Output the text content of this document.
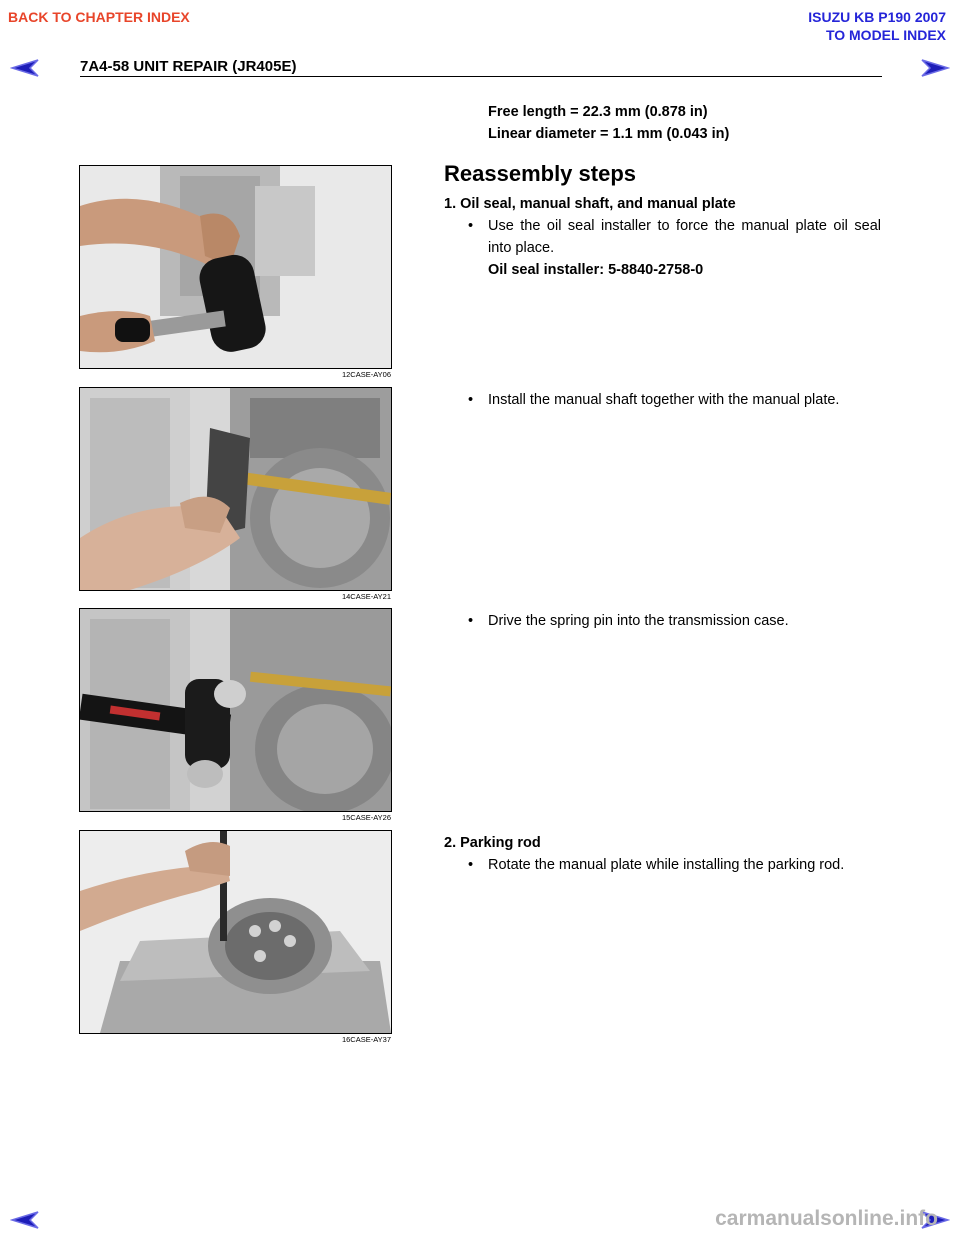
BACK TO CHAPTER INDEX	ISUZU KB P190 2007
TO MODEL INDEX
7A4-58 UNIT REPAIR (JR405E)
Free length = 22.3 mm (0.878 in)
Linear diameter = 1.1 mm (0.043 in)
Reassembly steps
1. Oil seal, manual shaft, and manual plate
• Use the oil seal installer to force the manual plate oil seal into place.
Oil seal installer: 5-8840-2758-0
• Install the manual shaft together with the manual plate.
• Drive the spring pin into the transmission case.
2. Parking rod
• Rotate the manual plate while installing the parking rod.
12CASE-AY06
14CASE-AY21
15CASE-AY26
16CASE-AY37
carmanualsonline.info
